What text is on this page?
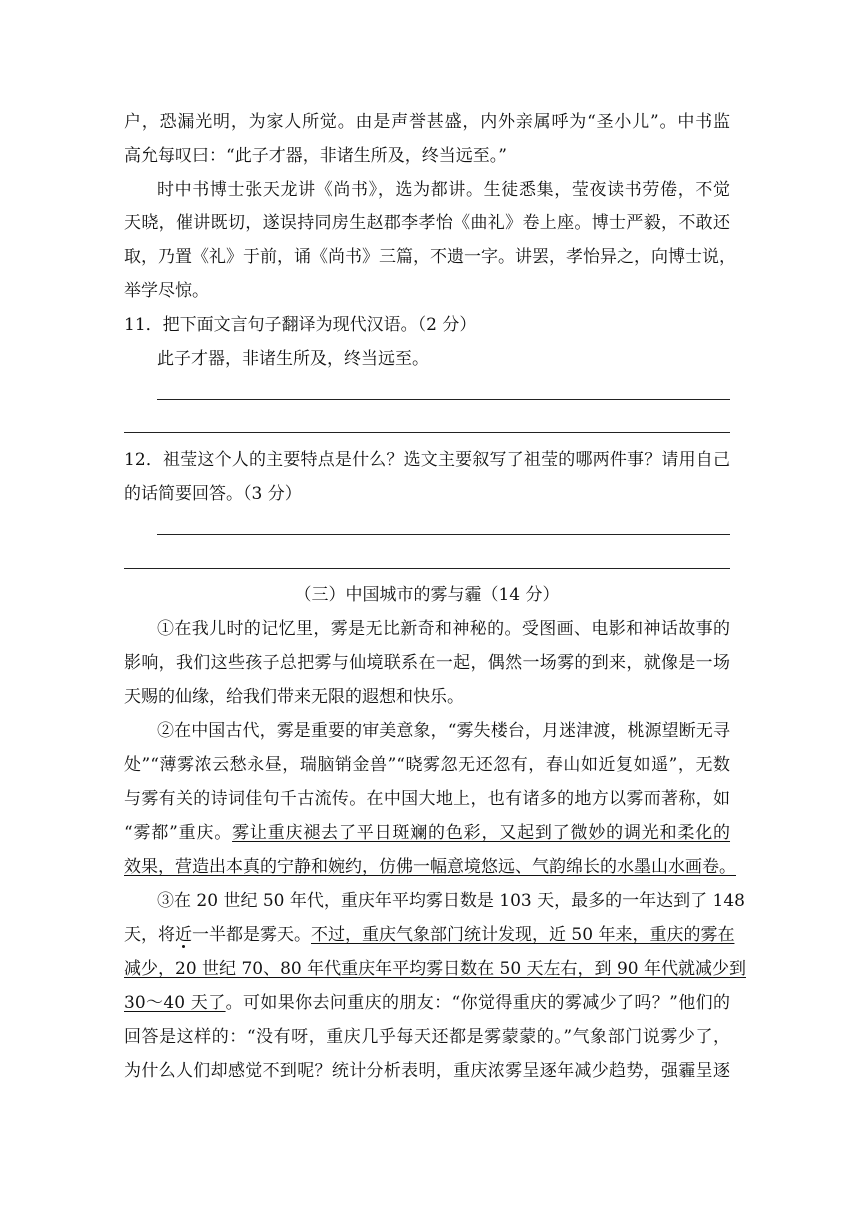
户，恐漏光明，为家人所觉。由是声誉甚盛，内外亲属呼为“圣小儿”。中书监
高允每叹曰：“此子才器，非诸生所及，终当远至。”
时中书博士张天龙讲《尚书》，选为都讲。生徒悉集，莹夜读书劳倦，不觉
天晓，催讲既切，遂误持同房生赵郡李孝怡《曲礼》卷上座。博士严毅，不敢还
取，乃置《礼》于前，诵《尚书》三篇，不遗一字。讲罢，孝怡异之，向博士说，
举学尽惊。
11．把下面文言句子翻译为现代汉语。（2 分）
此子才器，非诸生所及，终当远至。
12．祖莹这个人的主要特点是什么？选文主要叙写了祖莹的哪两件事？请用自己
的话简要回答。（3 分）
（三）中国城市的雾与霾（14 分）
①在我儿时的记忆里，雾是无比新奇和神秘的。受图画、电影和神话故事的
影响，我们这些孩子总把雾与仙境联系在一起，偶然一场雾的到来，就像是一场
天赐的仙缘，给我们带来无限的遐想和快乐。
②在中国古代，雾是重要的审美意象，“雾失楼台，月迷津渡，桃源望断无寻
处”“薄雾浓云愁永昼，瑞脑销金兽”“晓雾忽无还忽有，春山如近复如遥”，无数
与雾有关的诗词佳句千古流传。在中国大地上，也有诸多的地方以雾而著称，如
“雾都”重庆。雾让重庆褪去了平日斑斓的色彩，又起到了微妙的调光和柔化的
效果，营造出本真的宁静和婉约，仿佛一幅意境悠远、气韵绵长的水墨山水画卷。
③在 20 世纪 50 年代，重庆年平均雾日数是 103 天，最多的一年达到了 148
天，将近一半都是雾天。不过，重庆气象部门统计发现，近 50 年来，重庆的雾在
减少，20 世纪 70、80 年代重庆年平均雾日数在 50 天左右，到 90 年代就减少到
30～40 天了。可如果你去问重庆的朋友：“你觉得重庆的雾减少了吗？”他们的
回答是这样的：“没有呀，重庆几乎每天还都是雾蒙蒙的。”气象部门说雾少了，
为什么人们却感觉不到呢？统计分析表明，重庆浓雾呈逐年减少趋势，强霾呈逐
